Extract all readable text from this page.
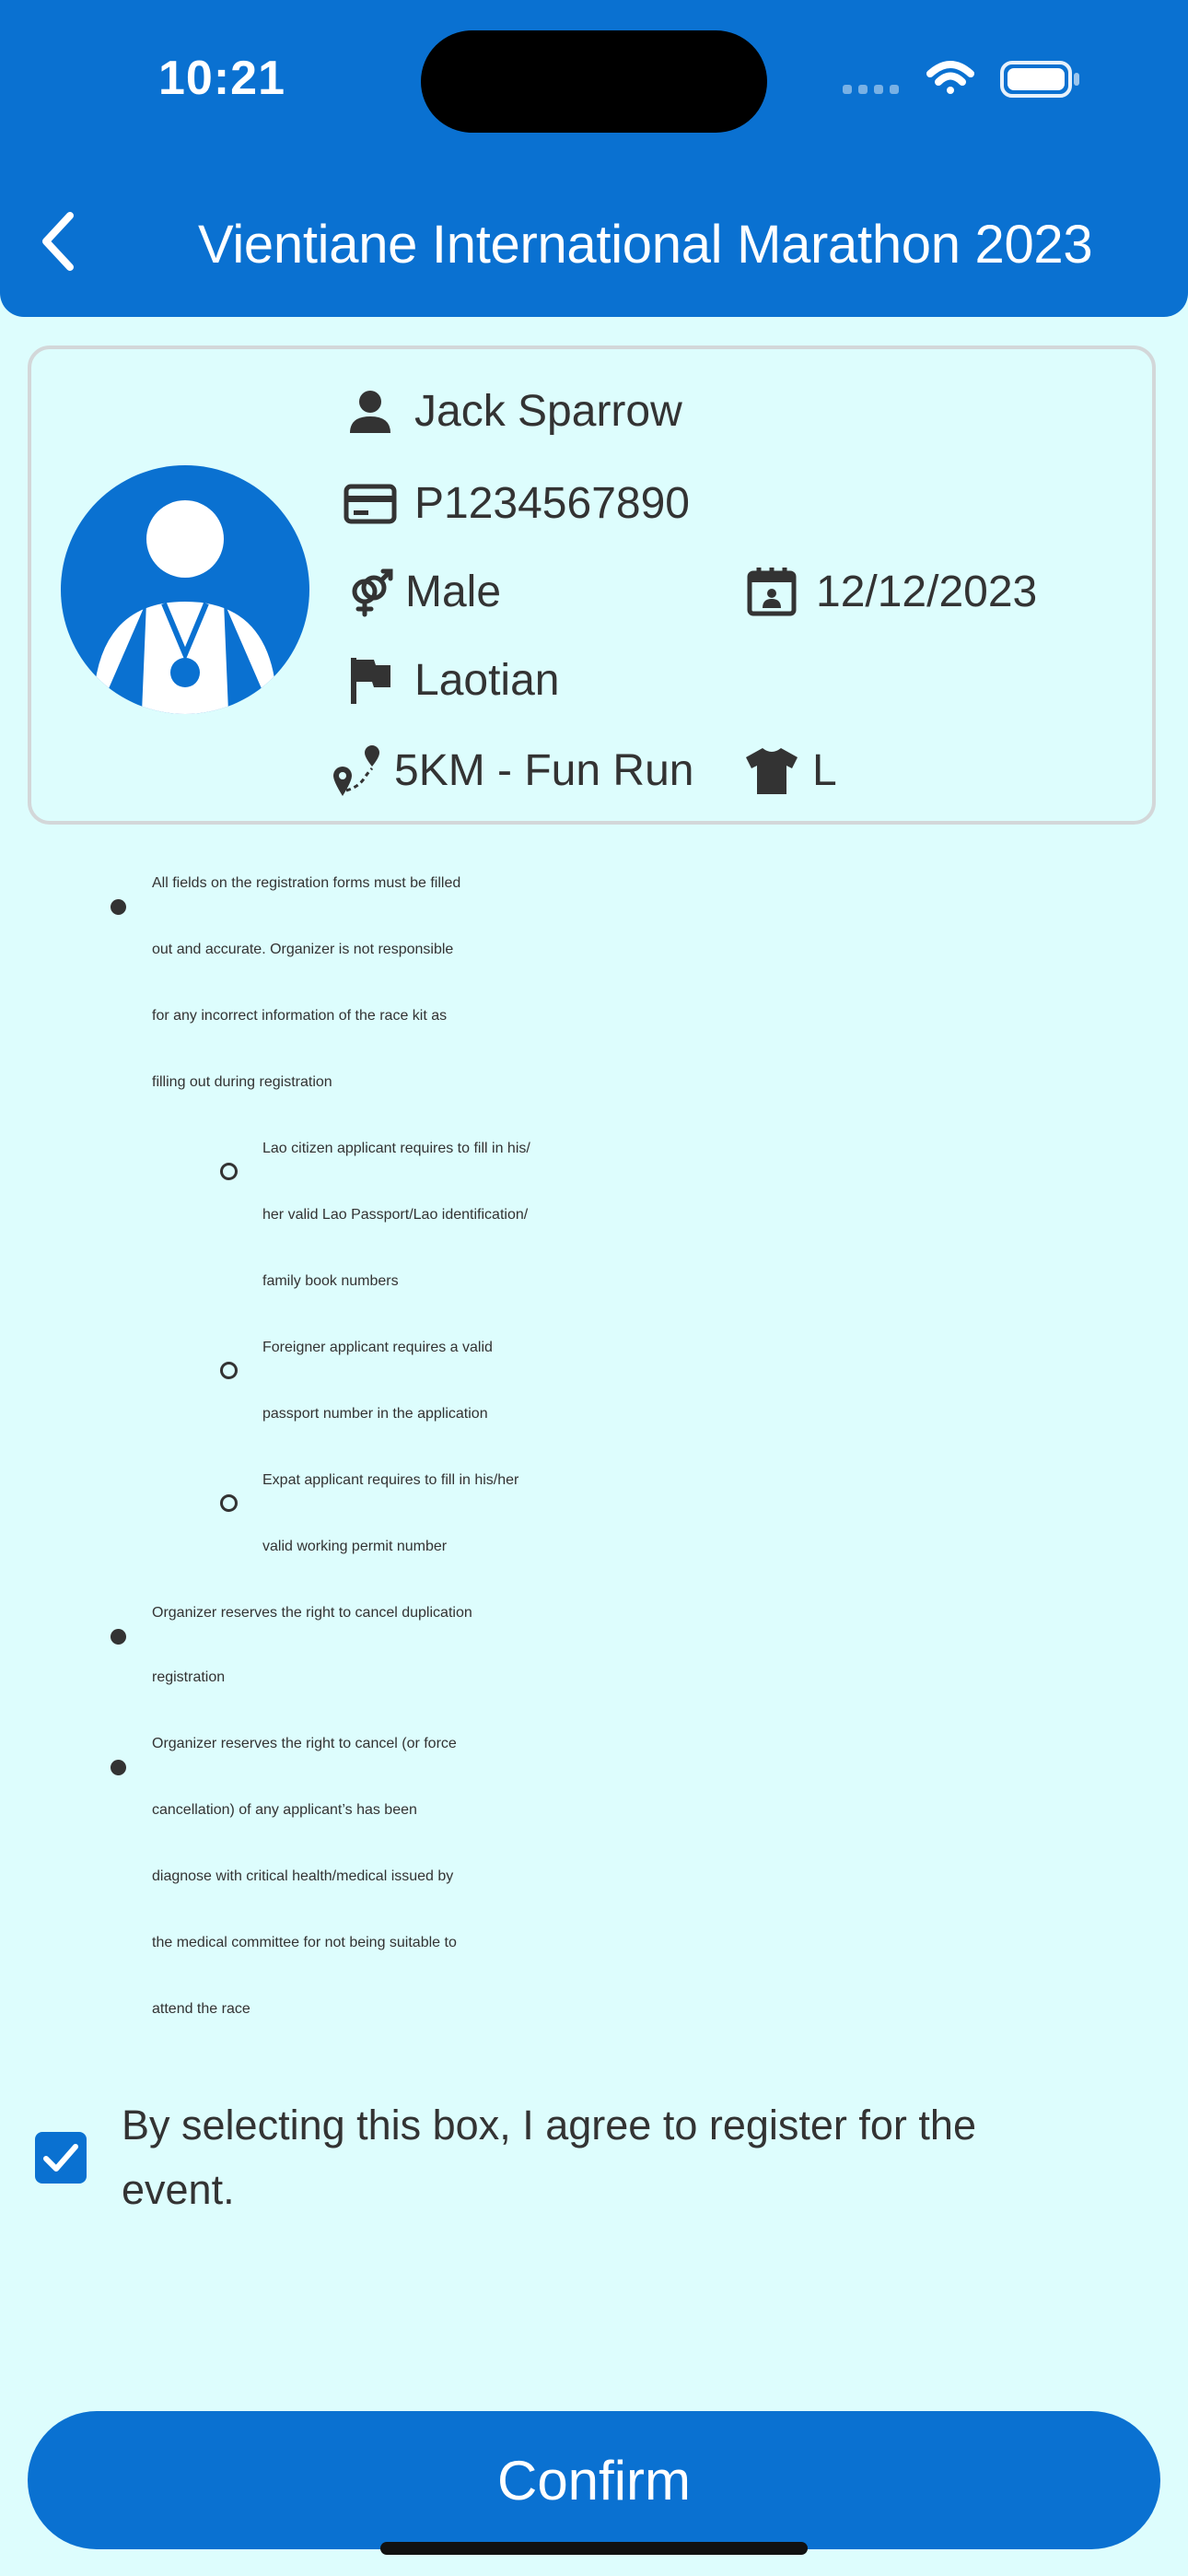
10:21
Vientiane International Marathon 2023
Jack Sparrow
P1234567890
Male	12/12/2023
Laotian
5KM - Fun Run	L
All fields on the registration forms must be filled
out and accurate. Organizer is not responsible
for any incorrect information of the race kit as
filling out during registration
Lao citizen applicant requires to fill in his/
her valid Lao Passport/Lao identification/
family book numbers
Foreigner applicant requires a valid
passport number in the application
Expat applicant requires to fill in his/her
valid working permit number
Organizer reserves the right to cancel duplication
registration
Organizer reserves the right to cancel (or force
cancellation) of any applicant’s has been
diagnose with critical health/medical issued by
the medical committee for not being suitable to
attend the race
By selecting this box, I agree to register for the
event.
Confirm
